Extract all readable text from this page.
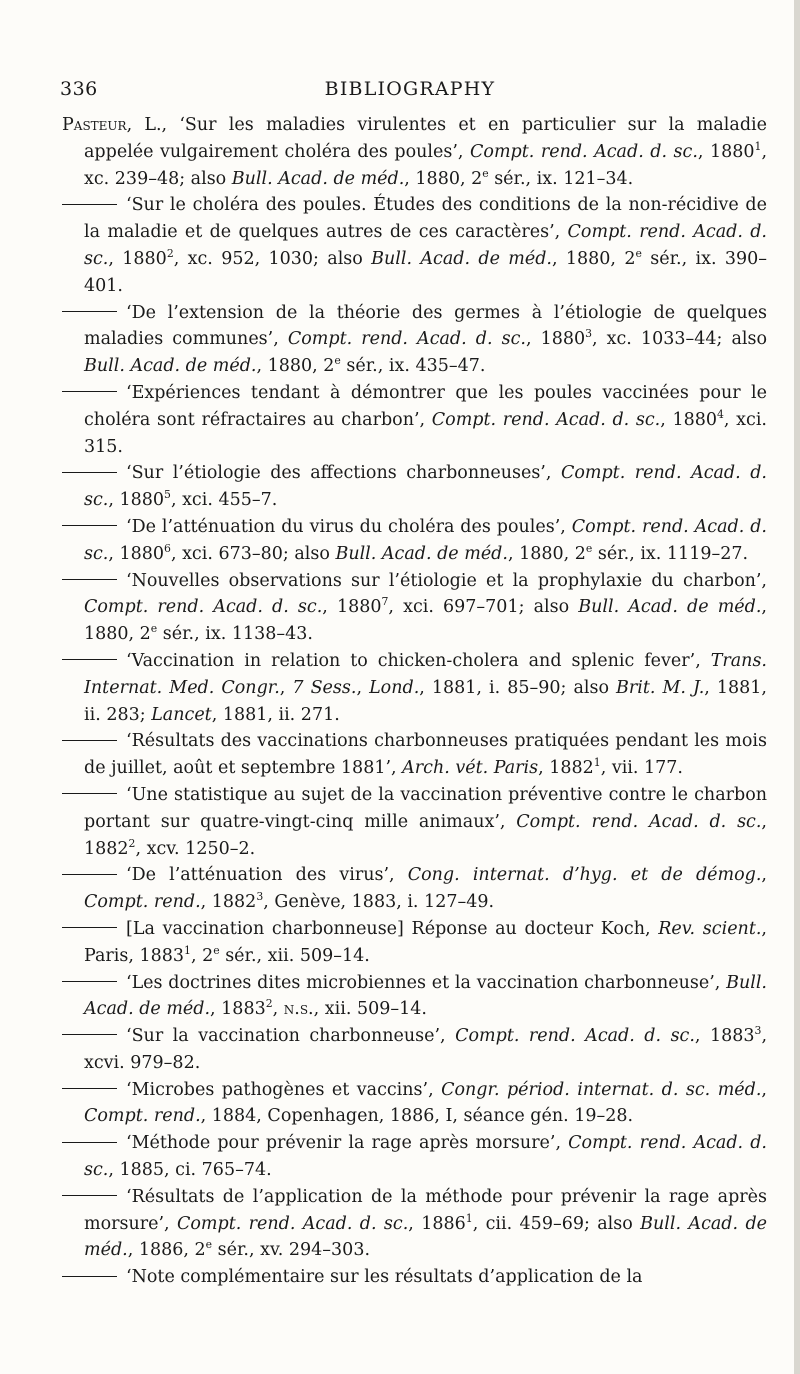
336	BIBLIOGRAPHY

Pasteur, L., ‘Sur les maladies virulentes et en particulier sur la maladie appelée vulgairement choléra des poules’, Compt. rend. Acad. d. sc., 1880$^1$, xc. 239–48; also Bull. Acad. de méd., 1880, 2e sér., ix. 121–34.

‘Sur le choléra des poules. Études des conditions de la non-récidive de la maladie et de quelques autres de ces caractères’, Compt. rend. Acad. d. sc., 1880$^2$, xc. 952, 1030; also Bull. Acad. de méd., 1880, 2e sér., ix. 390–401.

‘De l’extension de la théorie des germes à l’étiologie de quelques maladies communes’, Compt. rend. Acad. d. sc., 1880$^3$, xc. 1033–44; also Bull. Acad. de méd., 1880, 2e sér., ix. 435–47.

‘Expériences tendant à démontrer que les poules vaccinées pour le choléra sont réfractaires au charbon’, Compt. rend. Acad. d. sc., 1880$^4$, xci. 315.

‘Sur l’étiologie des affections charbonneuses’, Compt. rend. Acad. d. sc., 1880$^5$, xci. 455–7.

‘De l’atténuation du virus du choléra des poules’, Compt. rend. Acad. d. sc., 1880$^6$, xci. 673–80; also Bull. Acad. de méd., 1880, 2e sér., ix. 1119–27.

‘Nouvelles observations sur l’étiologie et la prophylaxie du charbon’, Compt. rend. Acad. d. sc., 1880$^7$, xci. 697–701; also Bull. Acad. de méd., 1880, 2e sér., ix. 1138–43.

‘Vaccination in relation to chicken-cholera and splenic fever’, Trans. Internat. Med. Congr., 7 Sess., Lond., 1881, i. 85–90; also Brit. M. J., 1881, ii. 283; Lancet, 1881, ii. 271.

‘Résultats des vaccinations charbonneuses pratiquées pendant les mois de juillet, août et septembre 1881’, Arch. vét. Paris, 1882$^1$, vii. 177.

‘Une statistique au sujet de la vaccination préventive contre le charbon portant sur quatre-vingt-cinq mille animaux’, Compt. rend. Acad. d. sc., 1882$^2$, xcv. 1250–2.

‘De l’atténuation des virus’, Cong. internat. d’hyg. et de démog., Compt. rend., 1882$^3$, Genève, 1883, i. 127–49.

[La vaccination charbonneuse] Réponse au docteur Koch, Rev. scient., Paris, 1883$^1$, 2e sér., xii. 509–14.

‘Les doctrines dites microbiennes et la vaccination charbonneuse’, Bull. Acad. de méd., 1883$^2$, n.s., xii. 509–14.

‘Sur la vaccination charbonneuse’, Compt. rend. Acad. d. sc., 1883$^3$, xcvi. 979–82.

‘Microbes pathogènes et vaccins’, Congr. périod. internat. d. sc. méd., Compt. rend., 1884, Copenhagen, 1886, I, séance gén. 19–28.

‘Méthode pour prévenir la rage après morsure’, Compt. rend. Acad. d. sc., 1885, ci. 765–74.

‘Résultats de l’application de la méthode pour prévenir la rage après morsure’, Compt. rend. Acad. d. sc., 1886$^1$, cii. 459–69; also Bull. Acad. de méd., 1886, 2e sér., xv. 294–303.

‘Note complémentaire sur les résultats d’application de la
